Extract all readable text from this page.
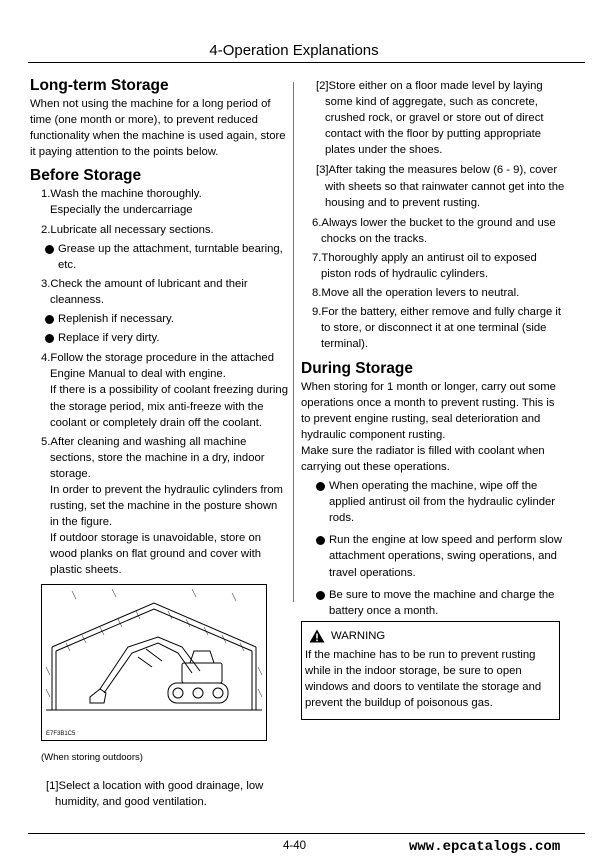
4-Operation Explanations
Long-term Storage

When not using the machine for a long period of time (one month or more), to prevent reduced functionality when the machine is used again, store it paying attention to the points below.

Before Storage

1.Wash the machine thoroughly.

Especially the undercarriage

2.Lubricate all necessary sections.

Grease up the attachment, turntable bearing, etc.

3.Check the amount of lubricant and their cleanness.

Replenish if necessary.
Replace if very dirty.

4.Follow the storage procedure in the attached Engine Manual to deal with engine.

If there is a possibility of coolant freezing during the storage period, mix anti-freeze with the coolant or completely drain off the coolant.

5.After cleaning and washing all machine sections, store the machine in a dry, indoor storage.

In order to prevent the hydraulic cylinders from rusting, set the machine in the posture shown in the figure.

If outdoor storage is unavoidable, store on wood planks on flat ground and cover with plastic sheets.

E7F3B1C5
(When storing outdoors)
[1]Select a location with good drainage, low humidity, and good ventilation.

[2]Store either on a floor made level by laying some kind of aggregate, such as concrete, crushed rock, or gravel or store out of direct contact with the floor by putting appropriate plates under the shoes.

[3]After taking the measures below (6 - 9), cover with sheets so that rainwater cannot get into the housing and to prevent rusting.

6.Always lower the bucket to the ground and use chocks on the tracks.

7.Thoroughly apply an antirust oil to exposed piston rods of hydraulic cylinders.

8.Move all the operation levers to neutral.

9.For the battery, either remove and fully charge it to store, or disconnect it at one terminal (side terminal).

During Storage

When storing for 1 month or longer, carry out some operations once a month to prevent rusting. This is to prevent engine rusting, seal deterioration and hydraulic component rusting.

Make sure the radiator is filled with coolant when carrying out these operations.

When operating the machine, wipe off the applied antirust oil from the hydraulic cylinder rods.
Run the engine at low speed and perform slow attachment operations, swing operations, and travel operations.
Be sure to move the machine and charge the battery once a month.
WARNING
If the machine has to be run to prevent rusting while in the indoor storage, be sure to open windows and doors to ventilate the storage and prevent the buildup of poisonous gas.
4-40	www.epcatalogs.com
